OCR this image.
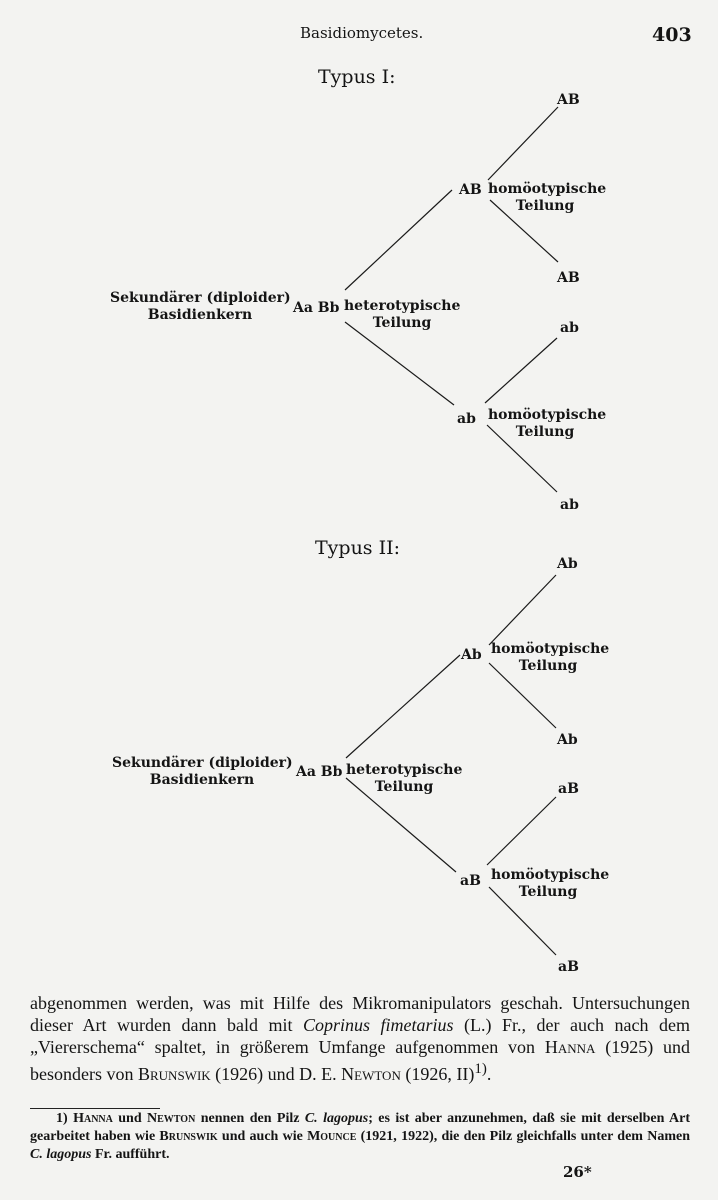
Basidiomycetes.	403
Typus I:
Sekundärer (diploider)
Basidienkern	Aa Bb heterotypische
Teilung
AB homöotypische
Teilung
ab homöotypische
Teilung
AB
AB
ab
ab
Typus II:
Sekundärer (diploider)
Basidienkern	Aa Bb heterotypische
Teilung
Ab homöotypische
Teilung
aB homöotypische
Teilung
Ab
Ab
aB
aB

abgenommen werden, was mit Hilfe des Mikromanipulators geschah. Untersuchungen dieser Art wurden dann bald mit Coprinus fimetarius (L.) Fr., der auch nach dem „Viererschema“ spaltet, in größerem Umfange aufgenommen von Hanna (1925) und besonders von Brunswik (1926) und D. E. Newton (1926, II)$^{1)}$.

1) Hanna und Newton nennen den Pilz C. lagopus; es ist aber anzunehmen, daß sie mit derselben Art gearbeitet haben wie Brunswik und auch wie Mounce (1921, 1922), die den Pilz gleichfalls unter dem Namen C. lagopus Fr. aufführt.

26*
